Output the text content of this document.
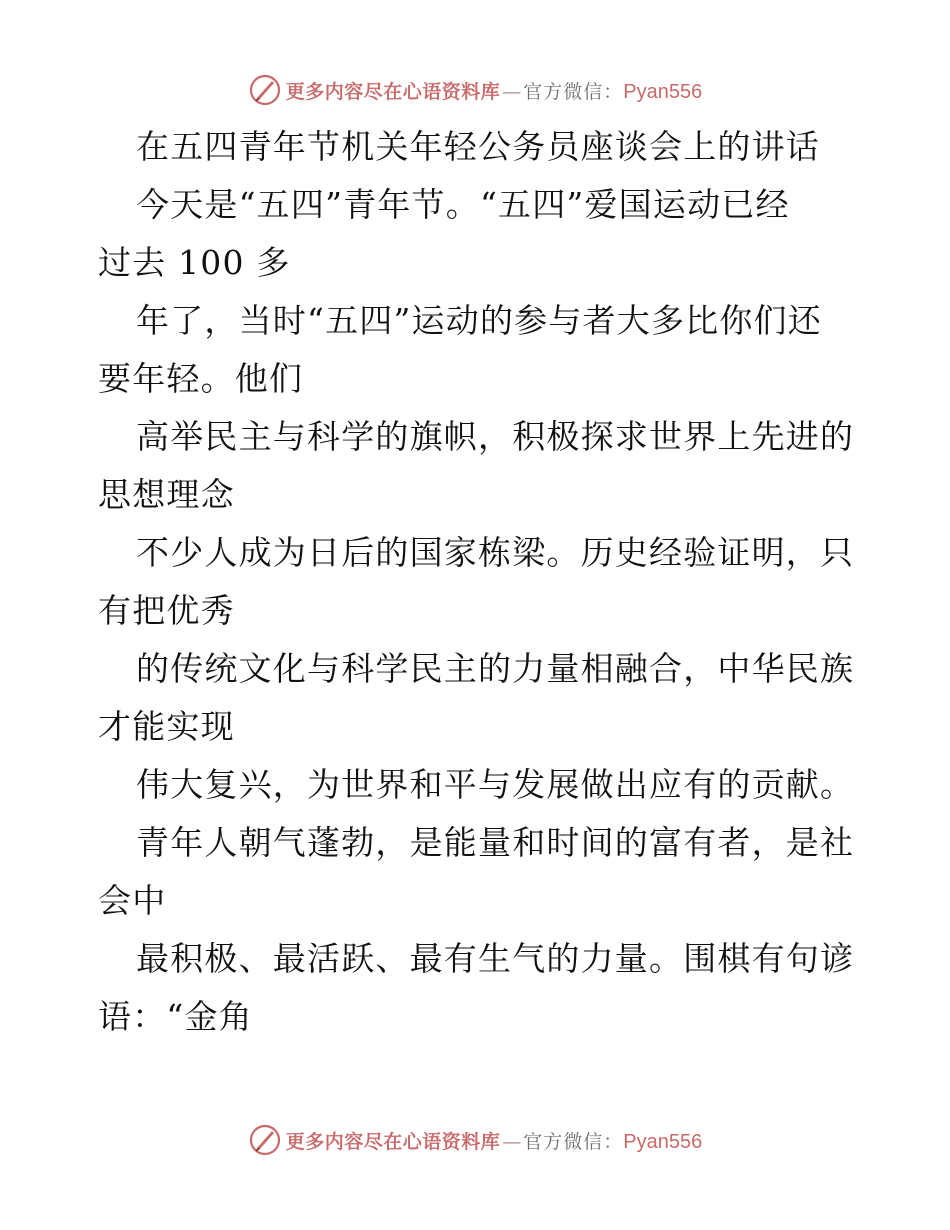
更多内容尽在心语资料库 — 官方微信： Pyan556
在五四青年节机关年轻公务员座谈会上的讲话
今天是“五四”青年节。“五四”爱国运动已经
过去 100 多
年了，当时“五四”运动的参与者大多比你们还
要年轻。他们
高举民主与科学的旗帜，积极探求世界上先进的
思想理念
不少人成为日后的国家栋梁。历史经验证明，只
有把优秀
的传统文化与科学民主的力量相融合，中华民族
才能实现
伟大复兴，为世界和平与发展做出应有的贡献。
青年人朝气蓬勃，是能量和时间的富有者，是社
会中
最积极、最活跃、最有生气的力量。围棋有句谚
语：“金角
更多内容尽在心语资料库 — 官方微信： Pyan556
